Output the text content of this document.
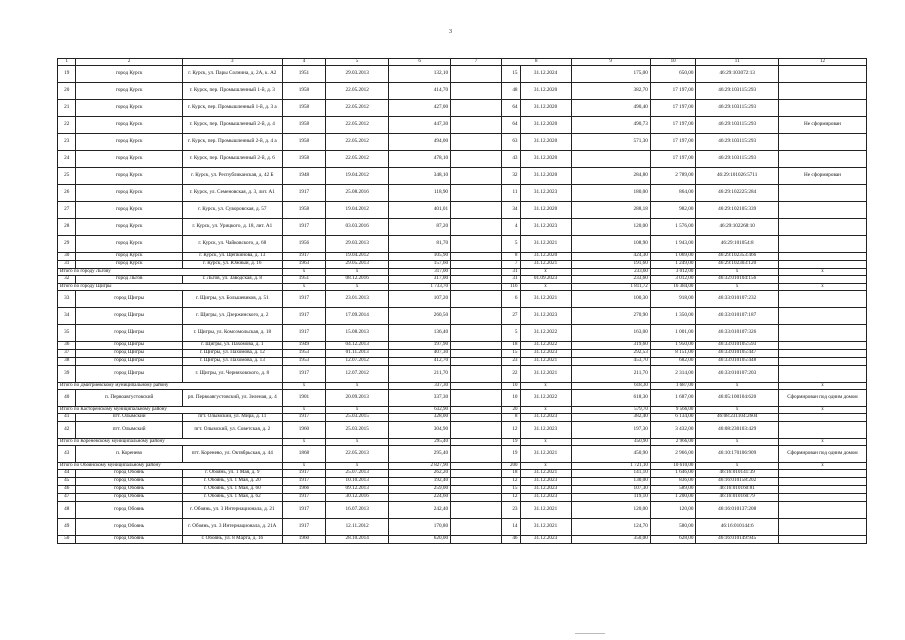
3
1	2	3	4	5	6	7	8		9	10	11	12
19	город Курск	г. Курск, ул. Пары Солнина, д. 2А, к. А2	1951	29.03.2013	132,10		15	31.12.2024	175,00	650,00	46:29:103072:13	
20	город Курск	г. Курск, пер. Промышленный 1-й, д. 3	1958	22.05.2012	414,70		48	31.12.2020	382,70	17 197,00	46:29:103115:293	
21	город Курск	г. Курск, пер. Промышленный 1-й, д. 3 а	1958	22.05.2012	427,00		64	31.12.2020	490,40	17 197,00	46:29:103115:293	
22	город Курск	г. Курск, пер. Промышленный 2-й, д. 4	1958	22.05.2012	447,30		64	31.12.2020	490,73	17 197,00	46:29:103115:293	Не сформирован
23	город Курск	г. Курск, пер. Промышленный 2-й, д. 4 а	1958	22.05.2012	494,00		63	31.12.2020	571,30	17 197,00	46:29:103115:293	
24	город Курск	г. Курск, пер. Промышленный 2-й, д. 6	1958	22.05.2012	478,10		43	31.12.2020		17 197,00	46:29:103115:293	
25	город Курск	г. Курск, ул. Республиканская, д. 42 Б	1948	19.04.2012	348,10		32	31.12.2020	284,80	2 789,00	46:29:101026:5711	Не сформирован
26	город Курск	г. Курск, ул. Семеновская, д. 3, лит. А1	1917	25.08.2016	118,90		11	31.12.2023	180,00	864,00	46:29:102225:284	
27	город Курск	г. Курск, ул. Суворовская, д. 57	1958	19.04.2012	401,01		34	31.12.2020	288,18	982,00	46:29:102105:339	
28	город Курск	г. Курск, ул. Урицкого, д. 18, лит. А1	1917	03.03.2016	87,20		4	31.12.2023	120,00	1 576,00	46:29:102268:10	
29	город Курск	г. Курск, ул. Чайковского, д. 68	1956	29.03.2013	81,70		5	31.12.2021	108,90	1 943,00	46:29:101054:8	
30	город Курск	г. Курск, ул. Щепкинова, д. 13	1917	19.04.2012	105,90		8	31.12.2020	424,30	1 069,00	46:29:102353:466	
31	город Курск	г. Курск, ул. Южный, д. 16	1963	29.05.2013	157,60		7	31.12.2021	191,60	1 249,00	46:29:102303:120	
Итого по городу Льгову			х	х	317,00		31	х	233,60	3 012,00	х	х
32	город Льгов	г. Льгов, ул. Заводская, д. 8	1951	08.12.2016	317,00		31	01.09.2023	233,60	3 012,00	46:32:010104:156	
Итого по городу Щигры			х	х	1 733,70		116	х	1 811,72	16 384,00	х	х
33	город Щигры	г. Щигры, ул. Большевиков, д. 51	1917	23.01.2013	107,20		6	31.12.2021	100,30	918,00	46:33:010107:232	
34	город Щигры	г. Щигры, ул. Дзержинского, д. 2	1917	17.09.2014	260,50		27	31.12.2023	270,90	1 350,00	46:33:010107:187	
35	город Щигры	г. Щигры, ул. Комсомольская, д. 18	1917	15.08.2013	136,40		5	31.12.2022	163,00	1 001,00	46:33:010107:326	
36	город Щигры	г. Щигры, ул. Пахомова, д. 1	1949	04.12.2013	197,90		18	31.12.2022	319,60	1 950,00	46:33:010105:593	
37	город Щигры	г. Щигры, ул. Пахомова, д. 12	1953	01.11.2013	407,30		15	31.12.2023	292,53	8 151,00	46:33:010105:447	
38	город Щигры	г. Щигры, ул. Пахомова, д. 13	1953	12.07.2012	412,70		23	31.12.2021	453,70	682,00	46:33:010105:448	
39	город Щигры	г. Щигры, ул. Черняховского, д. 8	1917	12.07.2012	211,70		22	31.12.2021	211,70	2 314,00	46:33:010107:203	
Итого по Дмитриевскому муниципальному району			х	х	337,30		10	х	618,30	1 687,00	х	х
40	п. Первоавгустовский	рп. Первоавгустовский, ул. Зеленая, д. 4	1901	20.09.2013	337,30		10	31.12.2022	618,30	1 687,00	46:05:100104:620	Сформирован под одним домом
Итого по Касторенскому муниципальному району			х	х	632,90		20	х	579,70	9 566,00	х	х
41	пгт. Олымский	пгт. Олымский, ул. Мира, д. 11	1917	25.03.2015	328,00		8	31.12.2023	382,40	6 134,00	46:08:231104:2604	
42	пгт. Олымский	пгт. Олымский, ул. Советская, д. 2	1960	25.03.2015	304,90		12	31.12.2023	197,30	3 432,00	46:08:230103:429	
Итого по Кореневскому муниципальному району			х	х	295,40		19	х	450,90	2 966,00	х	х
43	п. Коренево	пгт. Коренево, ул. Октябрьская, д. 44	1868	22.05.2013	295,40		19	31.12.2021	450,90	2 966,00	46:10:170106:909	Сформирован под одним домом
Итого по Обоянскому муниципальному району			х	х	2 827,90		200	х	1 721,10	10 610,00	х	х
44	город Обоянь	г. Обоянь, ул. 1 Мая, д. 9	1917	25.07.2013	262,20		18	31.12.2021	141,10	1 646,00	46:16:010141:39	
45	город Обоянь	г. Обоянь, ул. 1 Мая, д. 20	1917	10.10.2013	192,40		12	31.12.2023	130,00	836,00	46:16:010158:202	
46	город Обоянь	г. Обоянь, ул. 1 Мая, д. 60	1966	09.12.2013	259,00		15	31.12.2023	107,30	589,00	46:16:010160:81	
47	город Обоянь	г. Обоянь, ул. 1 Мая, д. 62	1917	30.12.2016	224,60		12	31.12.2023	119,10	1 200,00	46:16:010160:79	
48	город Обоянь	г. Обоянь, ул. 3 Интернационала, д. 21	1917	16.07.2013	242,40		23	31.12.2021	120,00	120,00	46:16:010137:208	
49	город Обоянь	г. Обоянь, ул. 3 Интернационала, д. 21А	1917	12.11.2012	170,80		14	31.12.2021	124,70	580,00	46:16:010144:6	
50	город Обоянь	г. Обоянь, ул. 8 Марта, д. 16	1960	28.10.2014	620,00		46	31.12.2023	350,00	628,00	46:16:010149:945	
